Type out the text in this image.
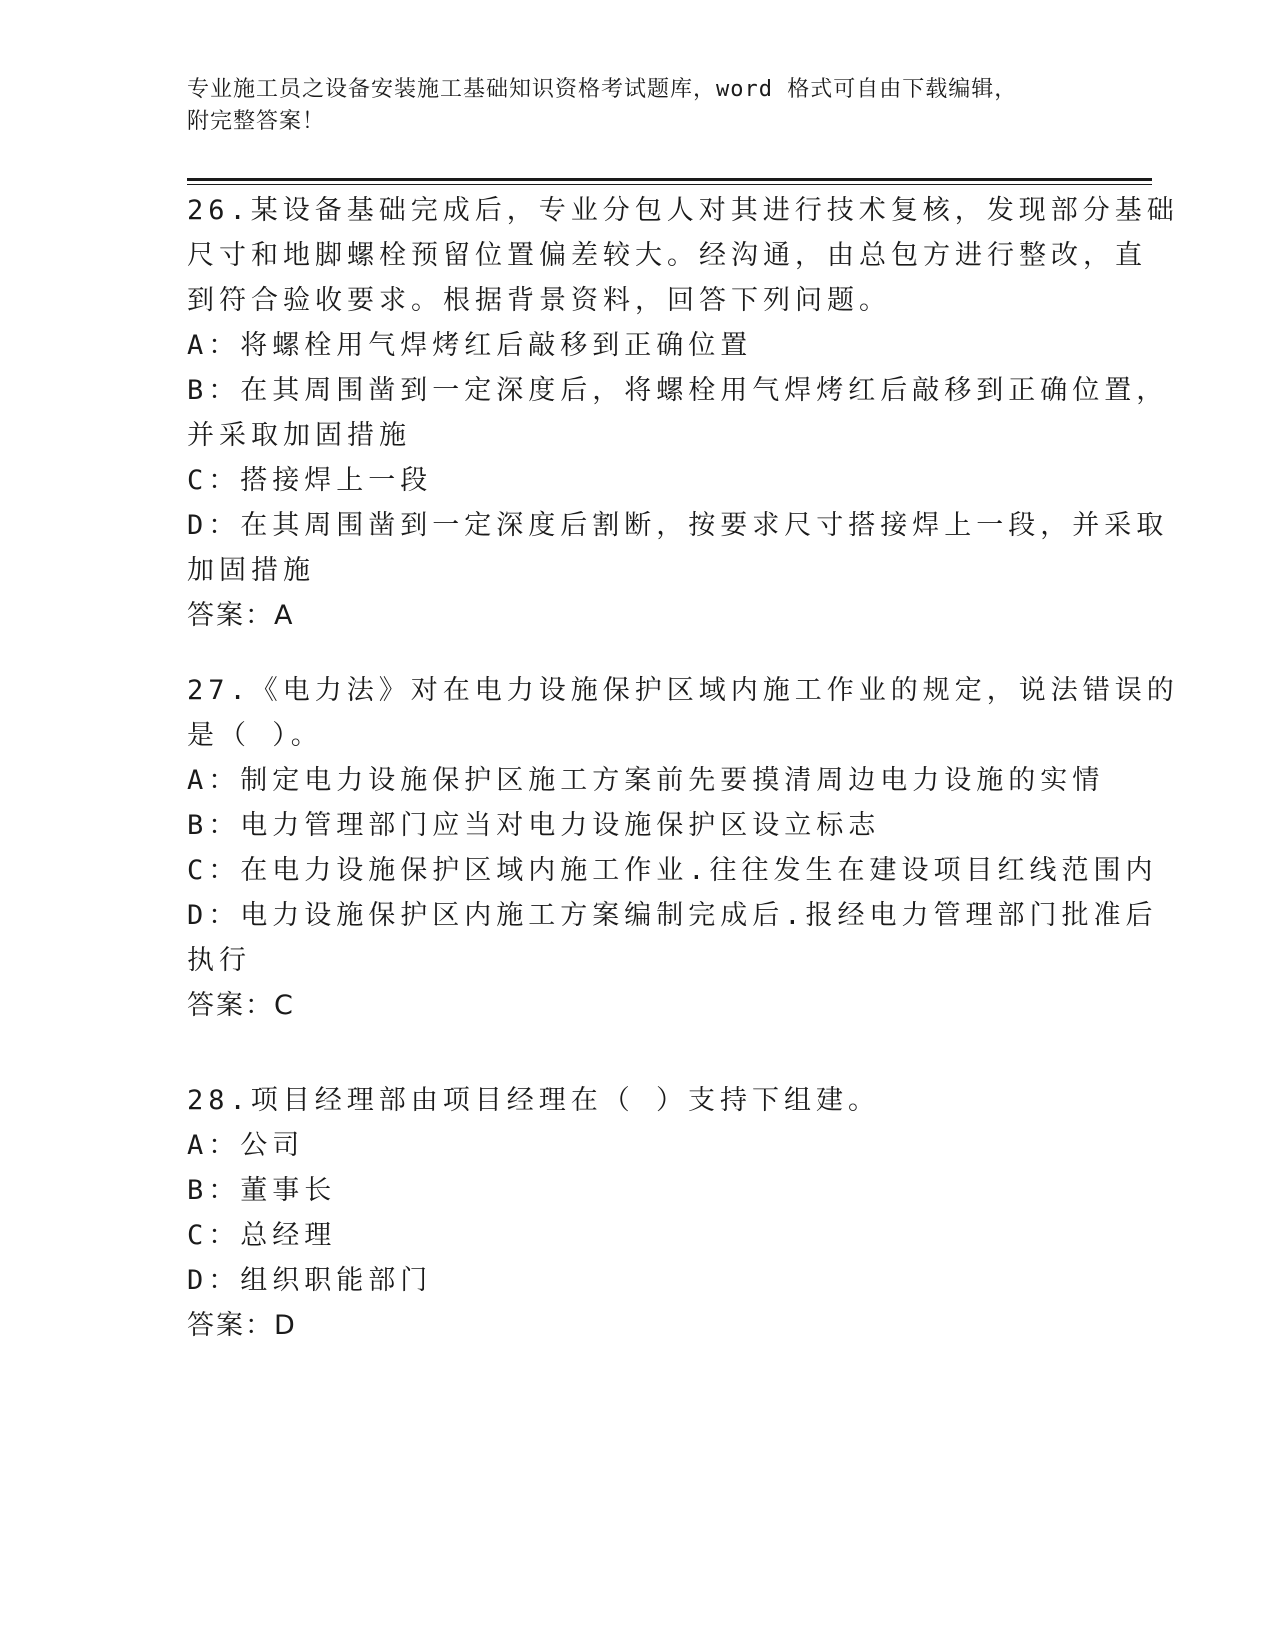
专业施工员之设备安装施工基础知识资格考试题库，word 格式可自由下载编辑，
附完整答案！
26.某设备基础完成后，专业分包人对其进行技术复核，发现部分基础
尺寸和地脚螺栓预留位置偏差较大。经沟通，由总包方进行整改，直
到符合验收要求。根据背景资料，回答下列问题。
A：将螺栓用气焊烤红后敲移到正确位置
B：在其周围凿到一定深度后，将螺栓用气焊烤红后敲移到正确位置，
并采取加固措施
C：搭接焊上一段
D：在其周围凿到一定深度后割断，按要求尺寸搭接焊上一段，并采取
加固措施
答案：A
27.《电力法》对在电力设施保护区域内施工作业的规定，说法错误的
是（ ）。
A：制定电力设施保护区施工方案前先要摸清周边电力设施的实情
B：电力管理部门应当对电力设施保护区设立标志
C：在电力设施保护区域内施工作业.往往发生在建设项目红线范围内
D：电力设施保护区内施工方案编制完成后.报经电力管理部门批准后
执行
答案：C
28.项目经理部由项目经理在（ ）支持下组建。
A：公司
B：董事长
C：总经理
D：组织职能部门
答案：D
